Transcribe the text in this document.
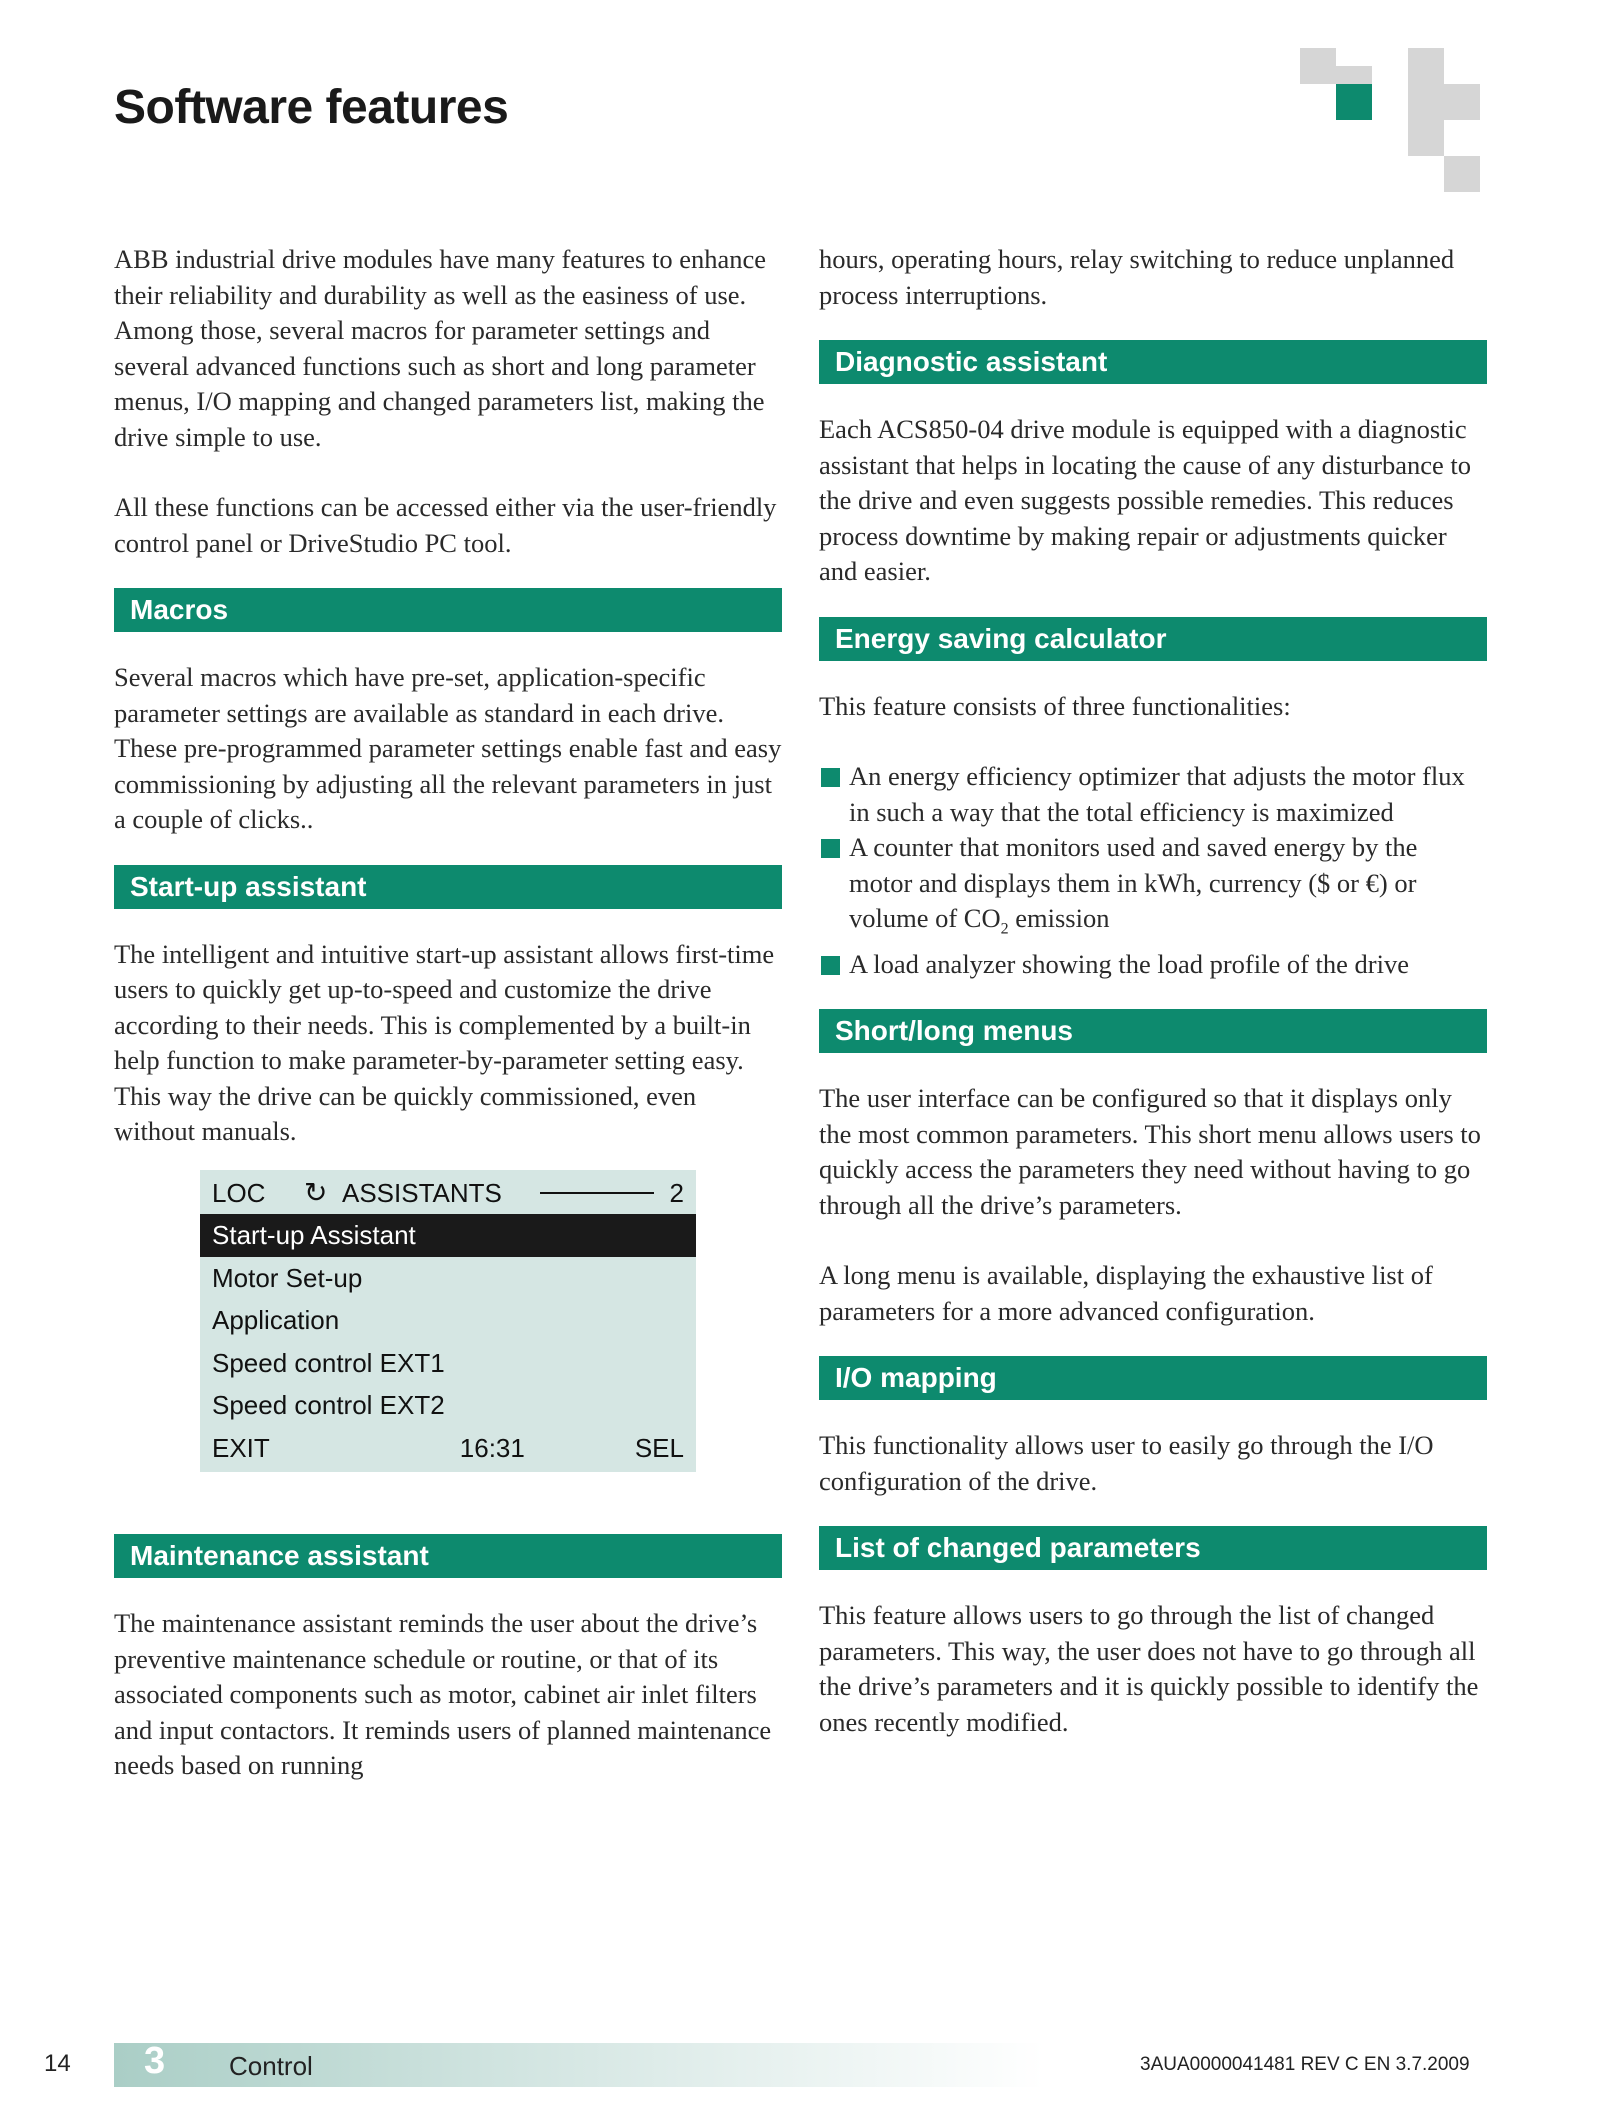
Software features

ABB industrial drive modules have many features to enhance their reliability and durability as well as the easiness of use. Among those, several macros for parameter settings and several advanced functions such as short and long parameter menus, I/O mapping and changed parameters list, making the drive simple to use.

All these functions can be accessed either via the user-friendly control panel or DriveStudio PC tool.

Macros

Several macros which have pre-set, application-specific parameter settings are available as standard in each drive. These pre-programmed parameter settings enable fast and easy commissioning by adjusting all the relevant parameters in just a couple of clicks..

Start-up assistant

The intelligent and intuitive start-up assistant allows first-time users to quickly get up-to-speed and customize the drive according to their needs. This is complemented by a built-in help function to make parameter-by-parameter setting easy. This way the drive can be quickly commissioned, even without manuals.

LOC	↻ ASSISTANTS	2
Start-up Assistant
Motor Set-up
Application
Speed control EXT1
Speed control EXT2
EXIT	16:31	SEL
Maintenance assistant

The maintenance assistant reminds the user about the drive’s preventive maintenance schedule or routine, or that of its associated components such as motor, cabinet air inlet filters and input contactors. It reminds users of planned maintenance needs based on running

hours, operating hours, relay switching to reduce unplanned process interruptions.

Diagnostic assistant

Each ACS850-04 drive module is equipped with a diagnostic assistant that helps in locating the cause of any disturbance to the drive and even suggests possible remedies. This reduces process downtime by making repair or adjustments quicker and easier.

Energy saving calculator

This feature consists of three functionalities:

An energy efficiency optimizer that adjusts the motor flux in such a way that the total efficiency is maximized
A counter that monitors used and saved energy by the motor and displays them in kWh, currency ($ or €) or volume of $CO_2$ emission
A load analyzer showing the load profile of the drive
Short/long menus

The user interface can be configured so that it displays only the most common parameters. This short menu allows users to quickly access the parameters they need without having to go through all the drive’s parameters.

A long menu is available, displaying the exhaustive list of parameters for a more advanced configuration.

I/O mapping

This functionality allows user to easily go through the I/O configuration of the drive.

List of changed parameters

This feature allows users to go through the list of changed parameters. This way, the user does not have to go through all the drive’s parameters and it is quickly possible to identify the ones recently modified.

14 3 Control	3AUA0000041481 REV C EN 3.7.2009
